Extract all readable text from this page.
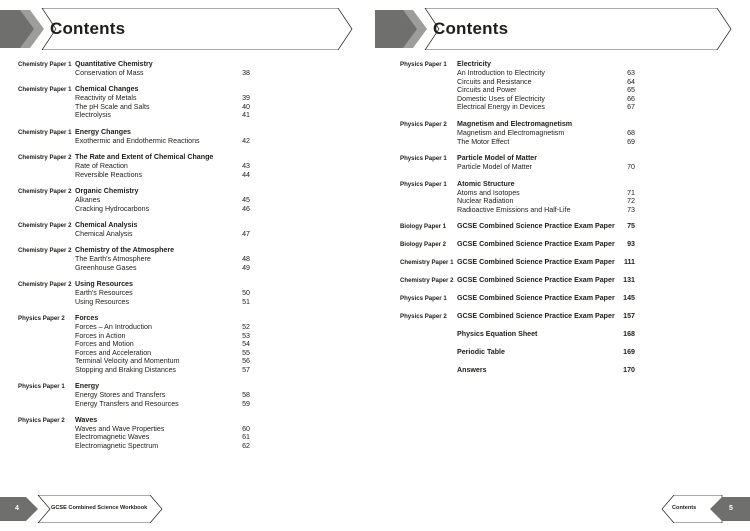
Contents
Chemistry Paper 1 Quantitative Chemistry
Conservation of Mass	38
Chemistry Paper 1 Chemical Changes
Reactivity of Metals	39
The pH Scale and Salts	40
Electrolysis	41
Chemistry Paper 1 Energy Changes
Exothermic and Endothermic Reactions	42
Chemistry Paper 2 The Rate and Extent of Chemical Change
Rate of Reaction	43
Reversible Reactions	44
Chemistry Paper 2 Organic Chemistry
Alkanes	45
Cracking Hydrocarbons	46
Chemistry Paper 2 Chemical Analysis
Chemical Analysis	47
Chemistry Paper 2 Chemistry of the Atmosphere
The Earth's Atmosphere	48
Greenhouse Gases	49
Chemistry Paper 2 Using Resources
Earth's Resources	50
Using Resources	51
Physics Paper 2	Forces
Forces – An Introduction	52
Forces in Action	53
Forces and Motion	54
Forces and Acceleration	55
Terminal Velocity and Momentum	56
Stopping and Braking Distances	57
Physics Paper 1	Energy
Energy Stores and Transfers	58
Energy Transfers and Resources	59
Physics Paper 2	Waves
Waves and Wave Properties	60
Electromagnetic Waves	61
Electromagnetic Spectrum	62
4	GCSE Combined Science Workbook
Contents
Physics Paper 1	Electricity
An Introduction to Electricity	63
Circuits and Resistance	64
Circuits and Power	65
Domestic Uses of Electricity	66
Electrical Energy in Devices	67
Physics Paper 2	Magnetism and Electromagnetism
Magnetism and Electromagnetism	68
The Motor Effect	69
Physics Paper 1	Particle Model of Matter
Particle Model of Matter	70
Physics Paper 1	Atomic Structure
Atoms and Isotopes	71
Nuclear Radiation	72
Radioactive Emissions and Half-Life	73
Biology Paper 1	GCSE Combined Science Practice Exam Paper	75
Biology Paper 2	GCSE Combined Science Practice Exam Paper	93
Chemistry Paper 1 GCSE Combined Science Practice Exam Paper	111
Chemistry Paper 2 GCSE Combined Science Practice Exam Paper	131
Physics Paper 1	GCSE Combined Science Practice Exam Paper	145
Physics Paper 2	GCSE Combined Science Practice Exam Paper	157
Physics Equation Sheet	168
Periodic Table	169
Answers	170
Contents	5
